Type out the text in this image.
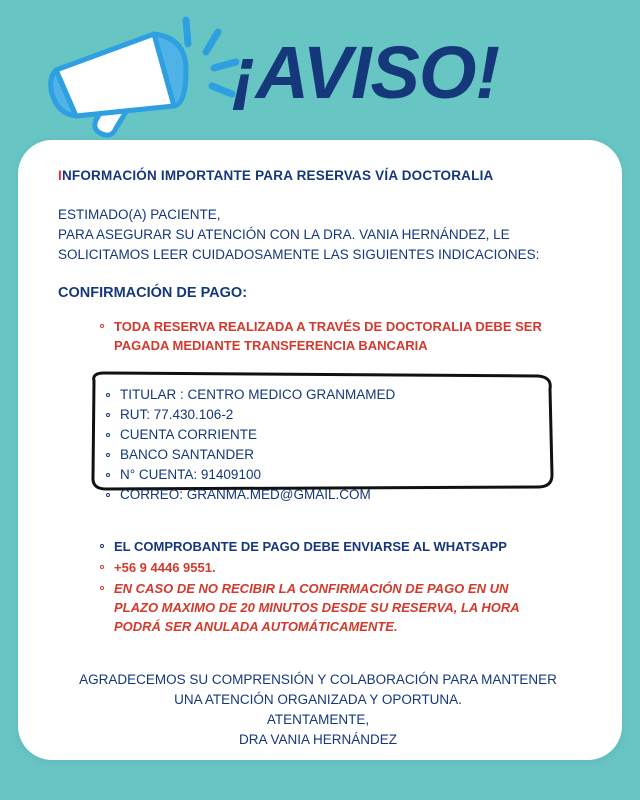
¡AVISO!
INFORMACIÓN IMPORTANTE PARA RESERVAS VÍA DOCTORALIA
ESTIMADO(A) PACIENTE,
PARA ASEGURAR SU ATENCIÓN CON LA DRA. VANIA HERNÁNDEZ, LE
SOLICITAMOS LEER CUIDADOSAMENTE LAS SIGUIENTES INDICACIONES:
CONFIRMACIÓN DE PAGO:
TODA RESERVA REALIZADA A TRAVÉS DE DOCTORALIA DEBE SER
PAGADA MEDIANTE TRANSFERENCIA BANCARIA
TITULAR : CENTRO MEDICO GRANMAMED
RUT: 77.430.106-2
CUENTA CORRIENTE
BANCO SANTANDER
N° CUENTA: 91409100
CORREO: GRANMA.MED@GMAIL.COM
EL COMPROBANTE DE PAGO DEBE ENVIARSE AL WHATSAPP
+56 9 4446 9551.
EN CASO DE NO RECIBIR LA CONFIRMACIÓN DE PAGO EN UN
PLAZO MAXIMO DE 20 MINUTOS DESDE SU RESERVA, LA HORA
PODRÁ SER ANULADA AUTOMÁTICAMENTE.
AGRADECEMOS SU COMPRENSIÓN Y COLABORACIÓN PARA MANTENER
UNA ATENCIÓN ORGANIZADA Y OPORTUNA.
ATENTAMENTE,
DRA VANIA HERNÁNDEZ
